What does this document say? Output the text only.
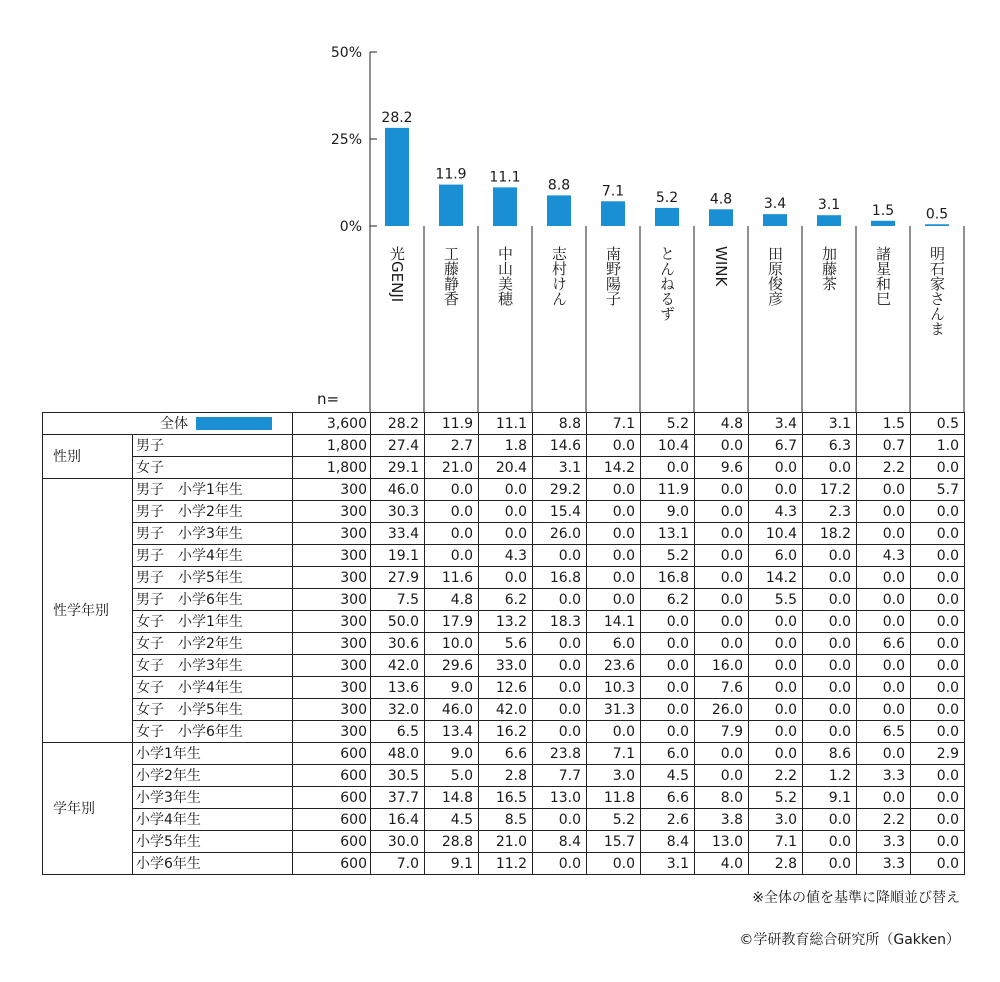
50%
25%
0%
28.2
11.9 11.1
8.8 7.1 5.2 4.8 3.4 3.1 1.5 0.5
光GENJI 工藤静香 中山美穂 志村けん 南野陽子 とんねるず WINK 田原俊彦 加藤茶 諸星和巳 明石家さんま
n=
全体		3,600	28.2	11.9	11.1	8.8	7.1	5.2	4.8	3.4	3.1	1.5	0.5
性別	男子	1,800	27.4	2.7	1.8	14.6	0.0	10.4	0.0	6.7	6.3	0.7	1.0
	女子	1,800	29.1	21.0	20.4	3.1	14.2	0.0	9.6	0.0	0.0	2.2	0.0
性学年別	男子　小学1年生	300	46.0	0.0	0.0	29.2	0.0	11.9	0.0	0.0	17.2	0.0	5.7
	男子　小学2年生	300	30.3	0.0	0.0	15.4	0.0	9.0	0.0	4.3	2.3	0.0	0.0
	男子　小学3年生	300	33.4	0.0	0.0	26.0	0.0	13.1	0.0	10.4	18.2	0.0	0.0
	男子　小学4年生	300	19.1	0.0	4.3	0.0	0.0	5.2	0.0	6.0	0.0	4.3	0.0
	男子　小学5年生	300	27.9	11.6	0.0	16.8	0.0	16.8	0.0	14.2	0.0	0.0	0.0
	男子　小学6年生	300	7.5	4.8	6.2	0.0	0.0	6.2	0.0	5.5	0.0	0.0	0.0
	女子　小学1年生	300	50.0	17.9	13.2	18.3	14.1	0.0	0.0	0.0	0.0	0.0	0.0
	女子　小学2年生	300	30.6	10.0	5.6	0.0	6.0	0.0	0.0	0.0	0.0	6.6	0.0
	女子　小学3年生	300	42.0	29.6	33.0	0.0	23.6	0.0	16.0	0.0	0.0	0.0	0.0
	女子　小学4年生	300	13.6	9.0	12.6	0.0	10.3	0.0	7.6	0.0	0.0	0.0	0.0
	女子　小学5年生	300	32.0	46.0	42.0	0.0	31.3	0.0	26.0	0.0	0.0	0.0	0.0
	女子　小学6年生	300	6.5	13.4	16.2	0.0	0.0	0.0	7.9	0.0	0.0	6.5	0.0
学年別	小学1年生	600	48.0	9.0	6.6	23.8	7.1	6.0	0.0	0.0	8.6	0.0	2.9
	小学2年生	600	30.5	5.0	2.8	7.7	3.0	4.5	0.0	2.2	1.2	3.3	0.0
	小学3年生	600	37.7	14.8	16.5	13.0	11.8	6.6	8.0	5.2	9.1	0.0	0.0
	小学4年生	600	16.4	4.5	8.5	0.0	5.2	2.6	3.8	3.0	0.0	2.2	0.0
	小学5年生	600	30.0	28.8	21.0	8.4	15.7	8.4	13.0	7.1	0.0	3.3	0.0
	小学6年生	600	7.0	9.1	11.2	0.0	0.0	3.1	4.0	2.8	0.0	3.3	0.0
※全体の値を基準に降順並び替え
©学研教育総合研究所（Gakken）
